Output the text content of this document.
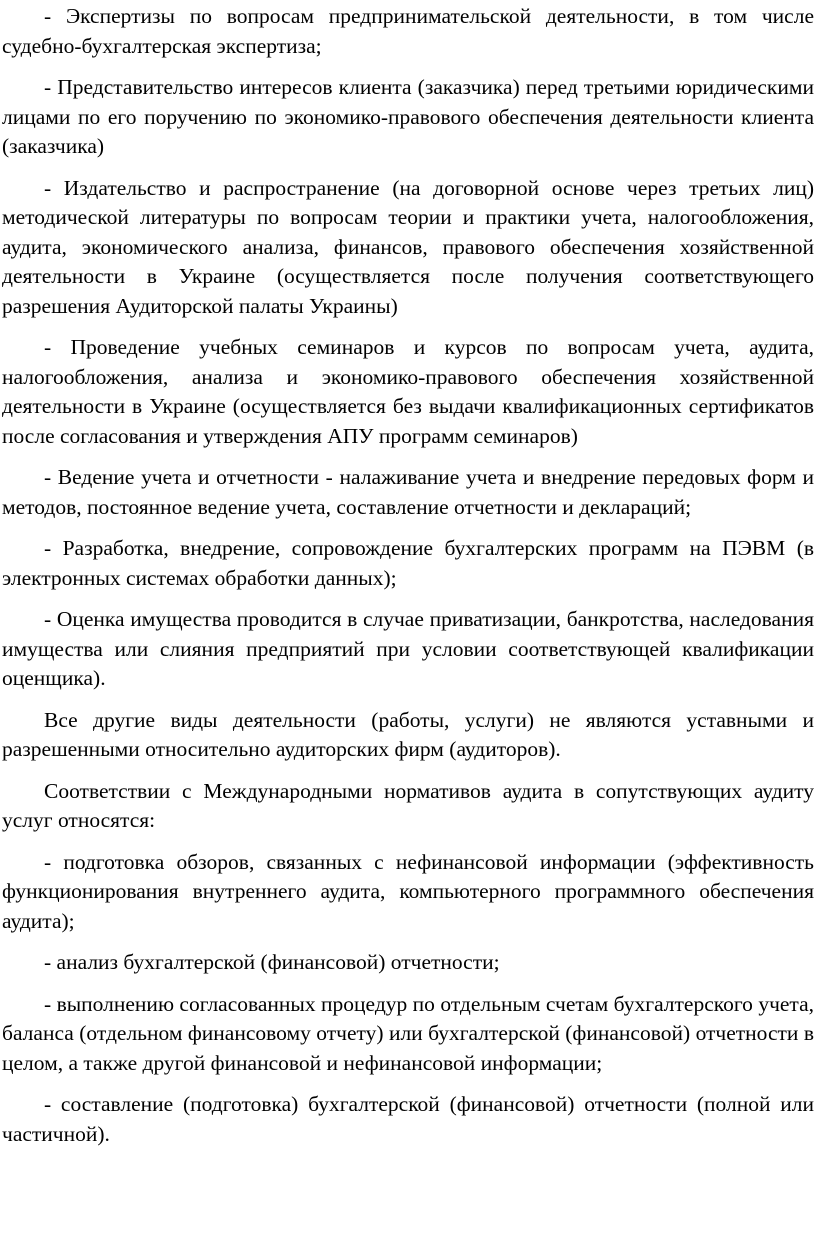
- Экспертизы по вопросам предпринимательской деятельности, в том числе судебно-бухгалтерская экспертиза;

- Представительство интересов клиента (заказчика) перед третьими юридическими лицами по его поручению по экономико-правового обеспечения деятельности клиента (заказчика)

- Издательство и распространение (на договорной основе через третьих лиц) методической литературы по вопросам теории и практики учета, налогообложения, аудита, экономического анализа, финансов, правового обеспечения хозяйственной деятельности в Украине (осуществляется после получения соответствующего разрешения Аудиторской палаты Украины)

- Проведение учебных семинаров и курсов по вопросам учета, аудита, налогообложения, анализа и экономико-правового обеспечения хозяйственной деятельности в Украине (осуществляется без выдачи квалификационных сертификатов после согласования и утверждения АПУ программ семинаров)

- Ведение учета и отчетности - налаживание учета и внедрение передовых форм и методов, постоянное ведение учета, составление отчетности и деклараций;

- Разработка, внедрение, сопровождение бухгалтерских программ на ПЭВМ (в электронных системах обработки данных);

- Оценка имущества проводится в случае приватизации, банкротства, наследования имущества или слияния предприятий при условии соответствующей квалификации оценщика).

Все другие виды деятельности (работы, услуги) не являются уставными и разрешенными относительно аудиторских фирм (аудиторов).

Соответствии с Международными нормативов аудита в сопутствующих аудиту услуг относятся:

- подготовка обзоров, связанных с нефинансовой информации (эффективность функционирования внутреннего аудита, компьютерного программного обеспечения аудита);

- анализ бухгалтерской (финансовой) отчетности;

- выполнению согласованных процедур по отдельным счетам бухгалтерского учета, баланса (отдельном финансовому отчету) или бухгалтерской (финансовой) отчетности в целом, а также другой финансовой и нефинансовой информации;

- составление (подготовка) бухгалтерской (финансовой) отчетности (полной или частичной).
